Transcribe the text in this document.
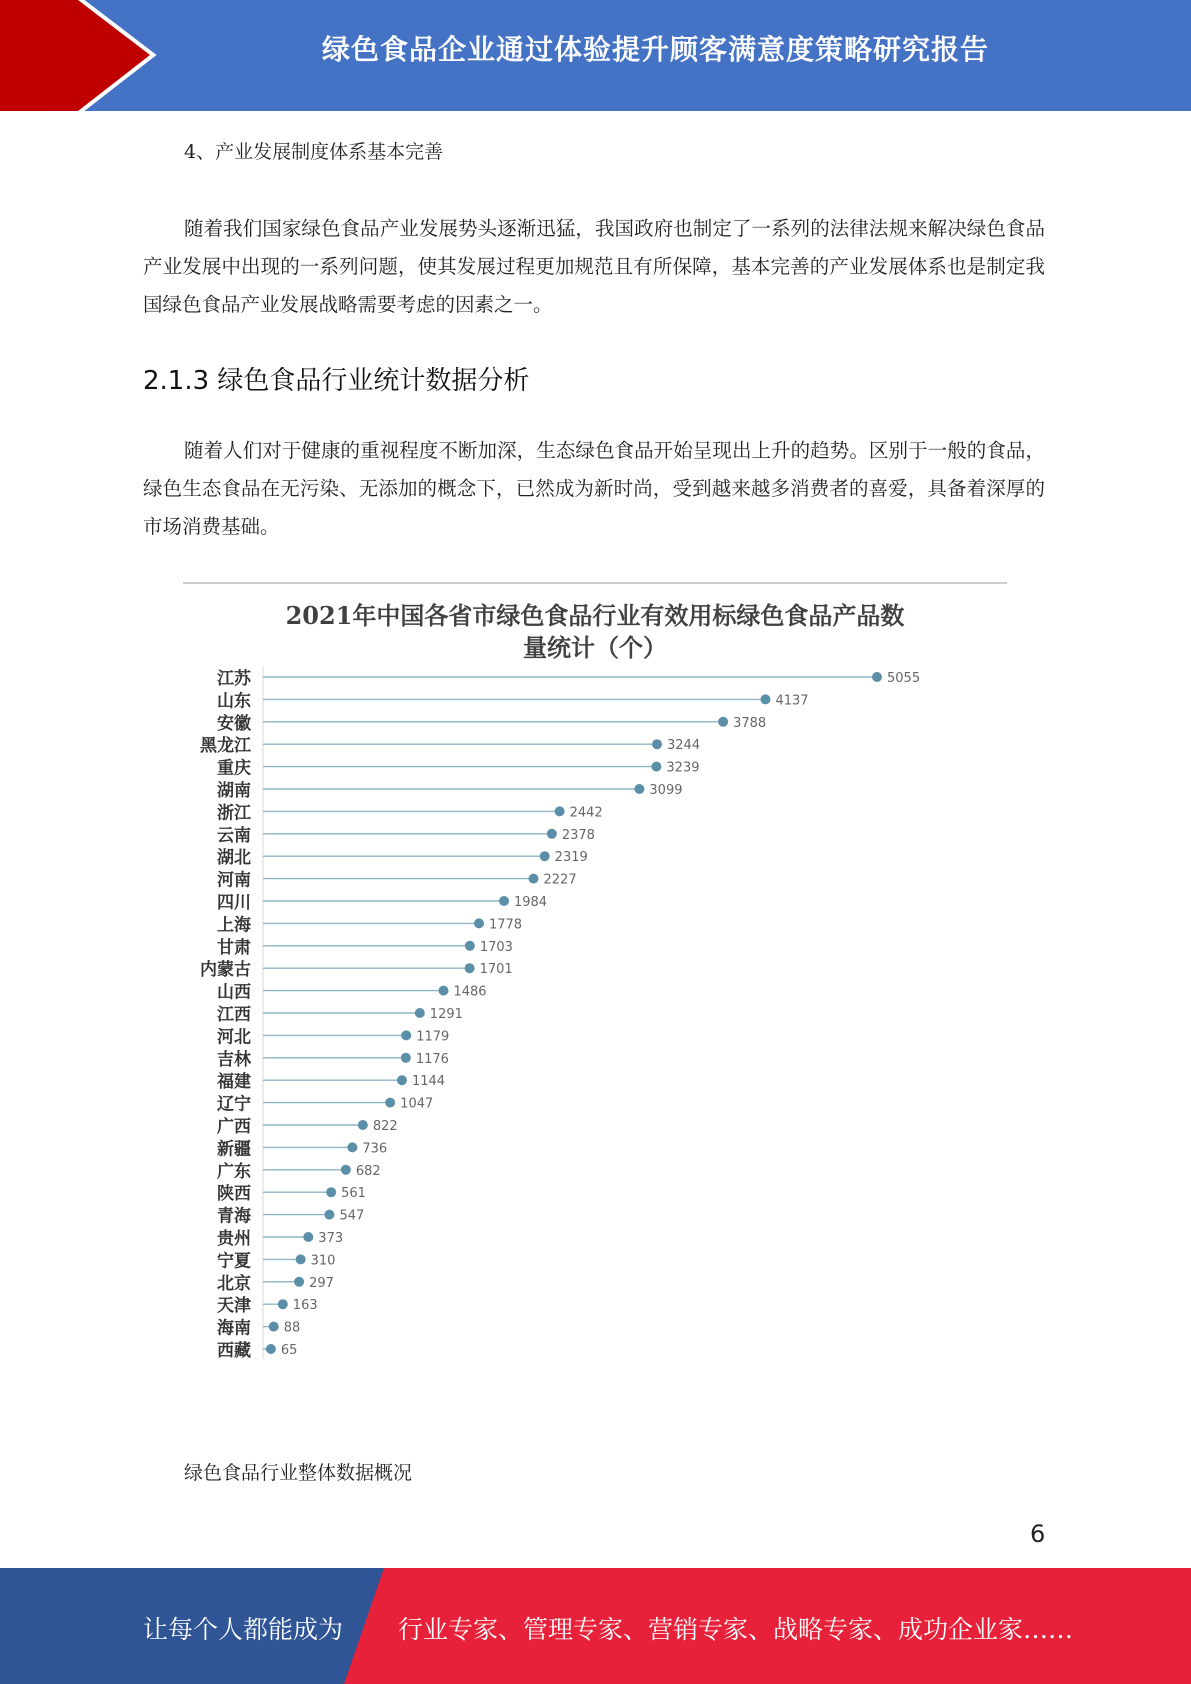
绿色食品企业通过体验提升顾客满意度策略研究报告
4、产业发展制度体系基本完善

随着我们国家绿色食品产业发展势头逐渐迅猛，我国政府也制定了一系列的法律法规来解决绿色食品产业发展中出现的一系列问题，使其发展过程更加规范且有所保障，基本完善的产业发展体系也是制定我国绿色食品产业发展战略需要考虑的因素之一。

2.1.3 绿色食品行业统计数据分析

随着人们对于健康的重视程度不断加深，生态绿色食品开始呈现出上升的趋势。区别于一般的食品，绿色生态食品在无污染、无添加的概念下，已然成为新时尚，受到越来越多消费者的喜爱，具备着深厚的市场消费基础。

2021年中国各省市绿色食品行业有效用标绿色食品产品数
量统计（个）
江苏	5055
山东	4137
安徽	3788
黑龙江	3244
重庆	3239
湖南	3099
浙江	2442
云南	2378
湖北	2319
河南	2227
四川	1984
上海	1778
甘肃	1703
内蒙古	1701
山西	1486
江西	1291
河北	1179
吉林	1176
福建	1144
辽宁	1047
广西	822
新疆	736
广东	682
陕西	561
青海	547
贵州	373
宁夏	310
北京	297
天津	163
海南	88
西藏 65
绿色食品行业整体数据概况
6
让每个人都能成为 行业专家、管理专家、营销专家、战略专家、成功企业家……
